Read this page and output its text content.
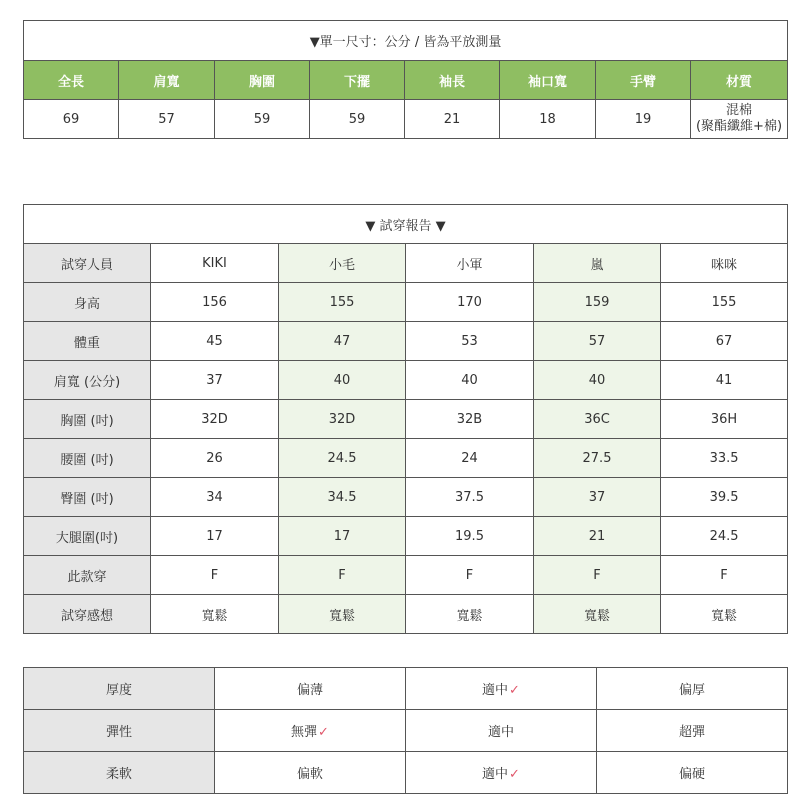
▼單一尺寸：公分 / 皆為平放測量							
全長	肩寬	胸圍	下擺	袖長	袖口寬	手臂	材質
69	57	59	59	21	18	19	混棉
(聚酯纖維+棉)
▼ 試穿報告 ▼					
試穿人員	KIKI	小毛	小軍	嵐	咪咪
身高	156	155	170	159	155
體重	45	47	53	57	67
肩寬 (公分)	37	40	40	40	41
胸圍 (吋)	32D	32D	32B	36C	36H
腰圍 (吋)	26	24.5	24	27.5	33.5
臀圍 (吋)	34	34.5	37.5	37	39.5
大腿圍(吋)	17	17	19.5	21	24.5
此款穿	F	F	F	F	F
試穿感想	寬鬆	寬鬆	寬鬆	寬鬆	寬鬆
厚度	偏薄	適中✓	偏厚
彈性	無彈✓	適中	超彈
柔軟	偏軟	適中✓	偏硬
